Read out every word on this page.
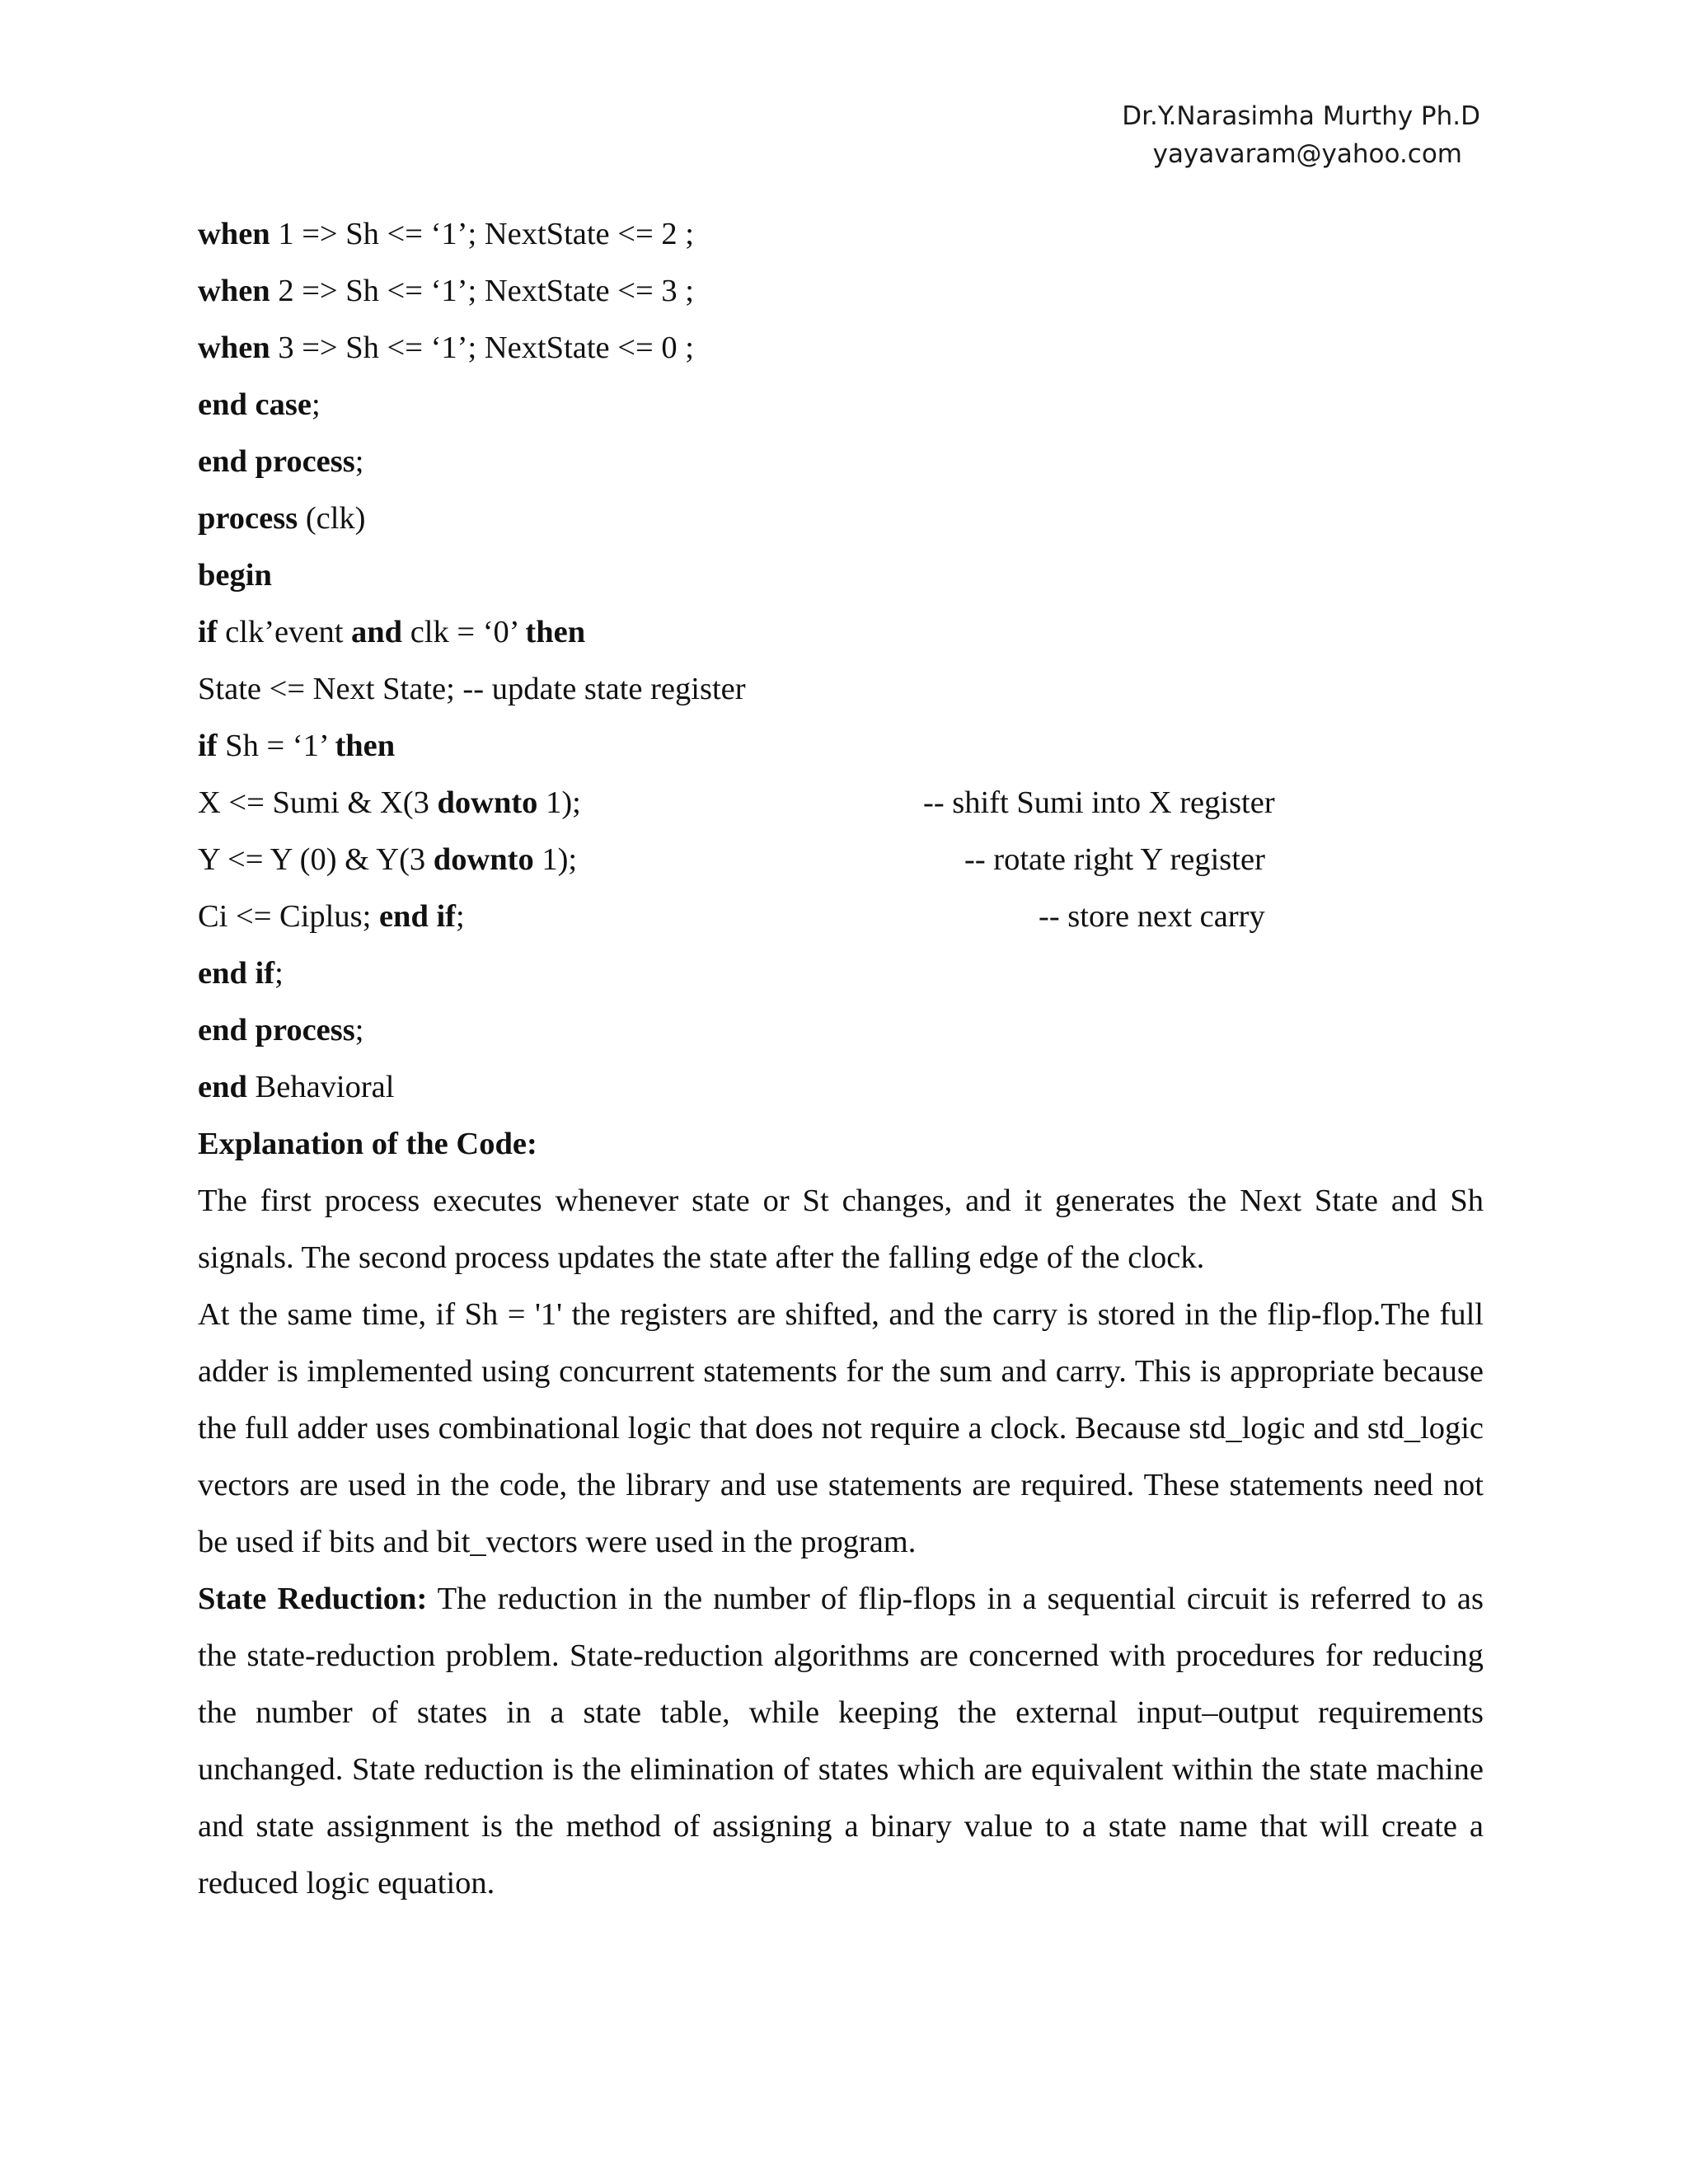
Dr.Y.Narasimha Murthy Ph.D
yayavaram@yahoo.com
when 1 => Sh <= ‘1’; NextState <= 2 ;
when 2 => Sh <= ‘1’; NextState <= 3 ;
when 3 => Sh <= ‘1’; NextState <= 0 ;
end case;
end process;
process (clk)
begin
if clk’event and clk = ‘0’ then
State <= Next State; -- update state register
if Sh = ‘1’ then
X <= Sumi & X(3 downto 1);	-- shift Sumi into X register
Y <= Y (0) & Y(3 downto 1);	-- rotate right Y register
Ci <= Ciplus; end if;	-- store next carry
end if;
end process;
end Behavioral
Explanation of the Code:
The first process executes whenever state or St changes, and it generates the Next State and Sh signals. The second process updates the state after the falling edge of the clock.
At the same time, if Sh = '1' the registers are shifted, and the carry is stored in the flip-flop.The full adder is implemented using concurrent statements for the sum and carry. This is appropriate because the full adder uses combinational logic that does not require a clock. Because std_logic and std_logic vectors are used in the code, the library and use statements are required. These statements need not be used if bits and bit_vectors were used in the program.
State Reduction: The reduction in the number of flip-flops in a sequential circuit is referred to as the state-reduction problem. State-reduction algorithms are concerned with procedures for reducing the number of states in a state table, while keeping the external input–output requirements unchanged. State reduction is the elimination of states which are equivalent within the state machine and state assignment is the method of assigning a binary value to a state name that will create a reduced logic equation.
